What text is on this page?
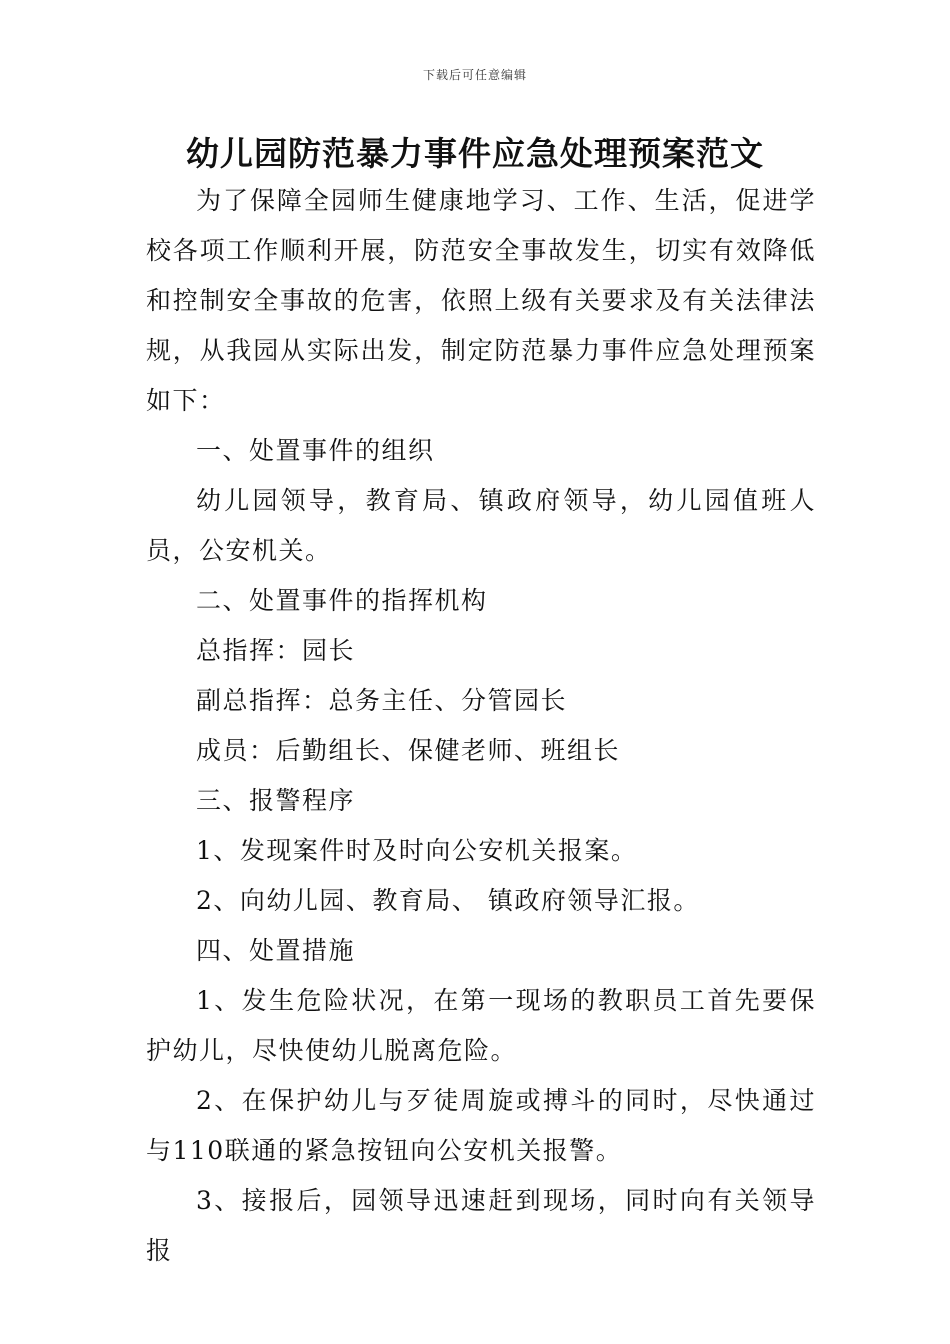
下载后可任意编辑
幼儿园防范暴力事件应急处理预案范文

为了保障全园师生健康地学习、工作、生活，促进学校各项工作顺利开展，防范安全事故发生，切实有效降低和控制安全事故的危害，依照上级有关要求及有关法律法规，从我园从实际出发，制定防范暴力事件应急处理预案如下：

一、处置事件的组织

幼儿园领导，教育局、镇政府领导，幼儿园值班人员，公安机关。

二、处置事件的指挥机构

总指挥：园长

副总指挥：总务主任、分管园长

成员：后勤组长、保健老师、班组长

三、报警程序

1、发现案件时及时向公安机关报案。

2、向幼儿园、教育局、 镇政府领导汇报。

四、处置措施

1、发生危险状况，在第一现场的教职员工首先要保护幼儿，尽快使幼儿脱离危险。

2、在保护幼儿与歹徒周旋或搏斗的同时，尽快通过与110联通的紧急按钮向公安机关报警。

3、接报后，园领导迅速赶到现场，同时向有关领导报
